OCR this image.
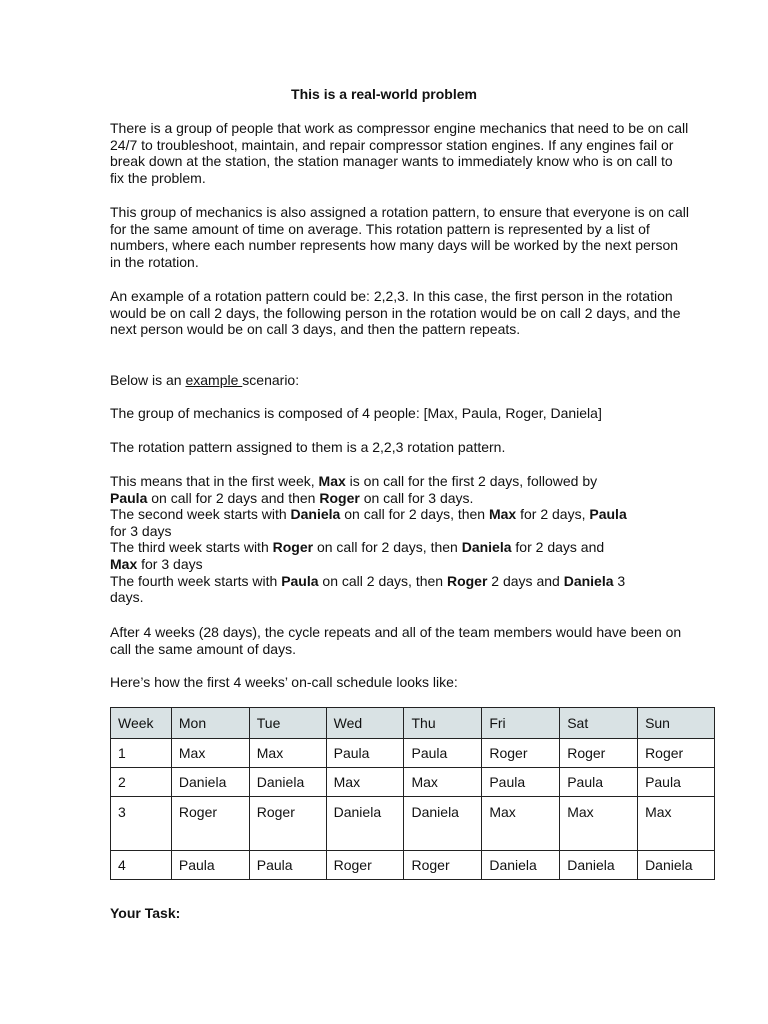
This is a real-world problem

There is a group of people that work as compressor engine mechanics that need to be on call 24/7 to troubleshoot, maintain, and repair compressor station engines. If any engines fail or break down at the station, the station manager wants to immediately know who is on call to fix the problem.

This group of mechanics is also assigned a rotation pattern, to ensure that everyone is on call for the same amount of time on average. This rotation pattern is represented by a list of numbers, where each number represents how many days will be worked by the next person in the rotation.

An example of a rotation pattern could be: 2,2,3. In this case, the first person in the rotation would be on call 2 days, the following person in the rotation would be on call 2 days, and the next person would be on call 3 days, and then the pattern repeats.

Below is an example scenario:

The group of mechanics is composed of 4 people: [Max, Paula, Roger, Daniela]

The rotation pattern assigned to them is a 2,2,3 rotation pattern.

This means that in the first week, Max is on call for the first 2 days, followed by Paula on call for 2 days and then Roger on call for 3 days.
The second week starts with Daniela on call for 2 days, then Max for 2 days, Paula for 3 days
The third week starts with Roger on call for 2 days, then Daniela for 2 days and Max for 3 days
The fourth week starts with Paula on call 2 days, then Roger 2 days and Daniela 3 days.

After 4 weeks (28 days), the cycle repeats and all of the team members would have been on call the same amount of days.

Here’s how the first 4 weeks’ on-call schedule looks like:

Week	Mon	Tue	Wed	Thu	Fri	Sat	Sun
1	Max	Max	Paula	Paula	Roger	Roger	Roger
2	Daniela	Daniela	Max	Max	Paula	Paula	Paula
3	Roger	Roger	Daniela	Daniela	Max	Max	Max
4	Paula	Paula	Roger	Roger	Daniela	Daniela	Daniela
Your Task:
